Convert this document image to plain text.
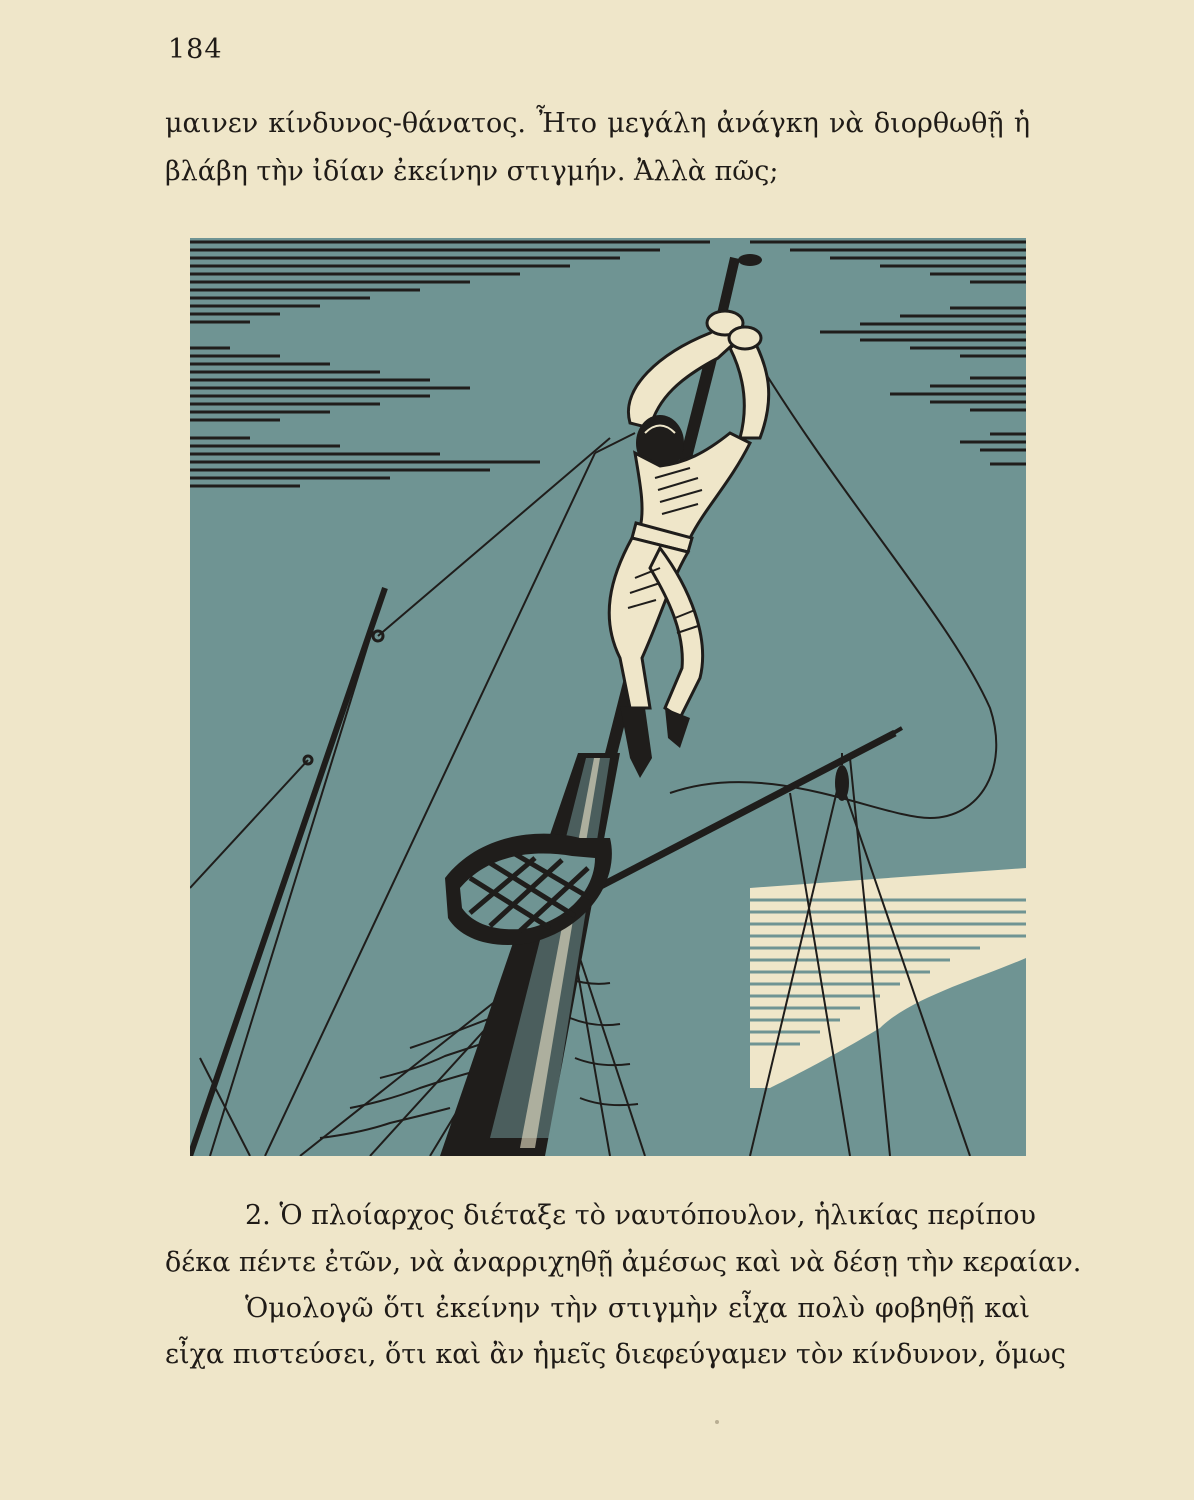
184
μαινεν κίνδυνος-θάνατος. Ἦτο μεγάλη ἀνάγκη νὰ διορθωθῇ ἡ
βλάβη τὴν ἰδίαν ἐκείνην στιγμήν. Ἀλλὰ πῶς;
2. Ὁ πλοίαρχος διέταξε τὸ ναυτόπουλον, ἡλικίας περίπου
δέκα πέντε ἐτῶν, νὰ ἀναρριχηθῇ ἀμέσως καὶ νὰ δέσῃ τὴν κεραίαν.
Ὁμολογῶ ὅτι ἐκείνην τὴν στιγμὴν εἶχα πολὺ φοβηθῇ καὶ
εἶχα πιστεύσει, ὅτι καὶ ἂν ἡμεῖς διεφεύγαμεν τὸν κίνδυνον, ὅμως
